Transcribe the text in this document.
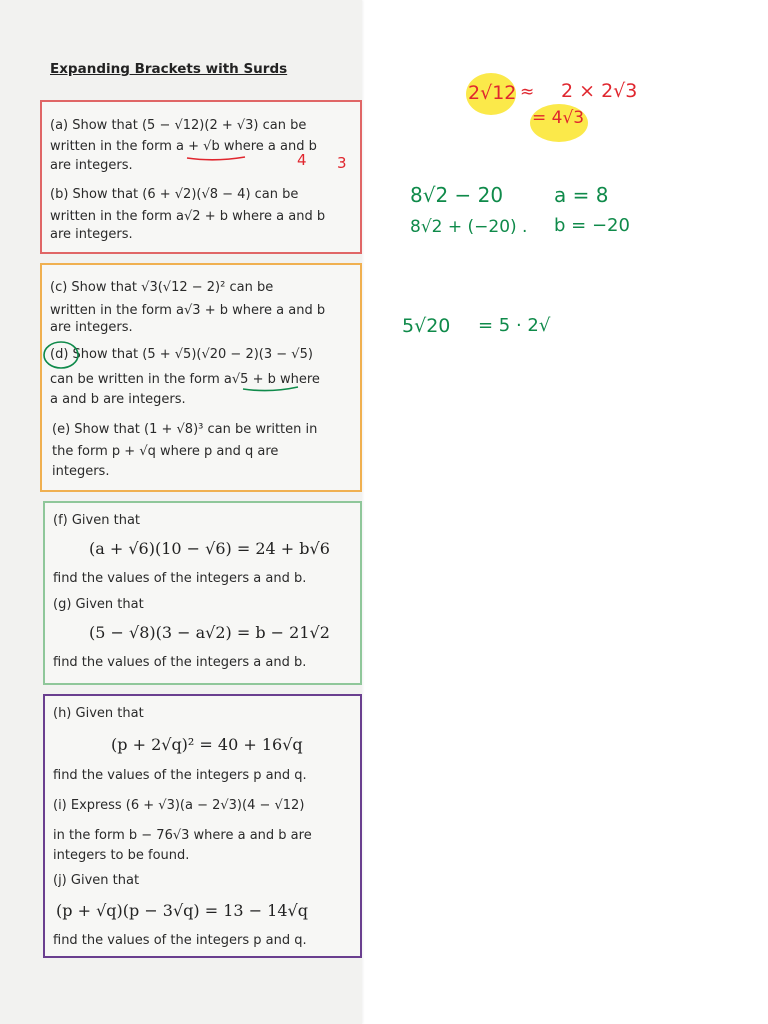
Expanding Brackets with Surds
(a) Show that (5 − √12)(2 + √3) can be
written in the form a + √b where a and b
are integers.
(b) Show that (6 + √2)(√8 − 4) can be
written in the form a√2 + b where a and b
are integers.
(c) Show that √3(√12 − 2)² can be
written in the form a√3 + b where a and b
are integers.
(d) Show that (5 + √5)(√20 − 2)(3 − √5)
can be written in the form a√5 + b where
a and b are integers.
(e) Show that (1 + √8)³ can be written in
the form p + √q where p and q are
integers.
(f) Given that
(a + √6)(10 − √6) = 24 + b√6
find the values of the integers a and b.
(g) Given that
(5 − √8)(3 − a√2) = b − 21√2
find the values of the integers a and b.
(h) Given that
(p + 2√q)² = 40 + 16√q
find the values of the integers p and q.
(i) Express (6 + √3)(a − 2√3)(4 − √12)
in the form b − 76√3 where a and b are
integers to be found.
(j) Given that
(p + √q)(p − 3√q) = 13 − 14√q
find the values of the integers p and q.
4 3
2√12 ≈ 2 × 2√3
= 4√3
8√2 − 20
8√2 + (−20) .
a = 8
b = −20
5√20 = 5 · 2√
